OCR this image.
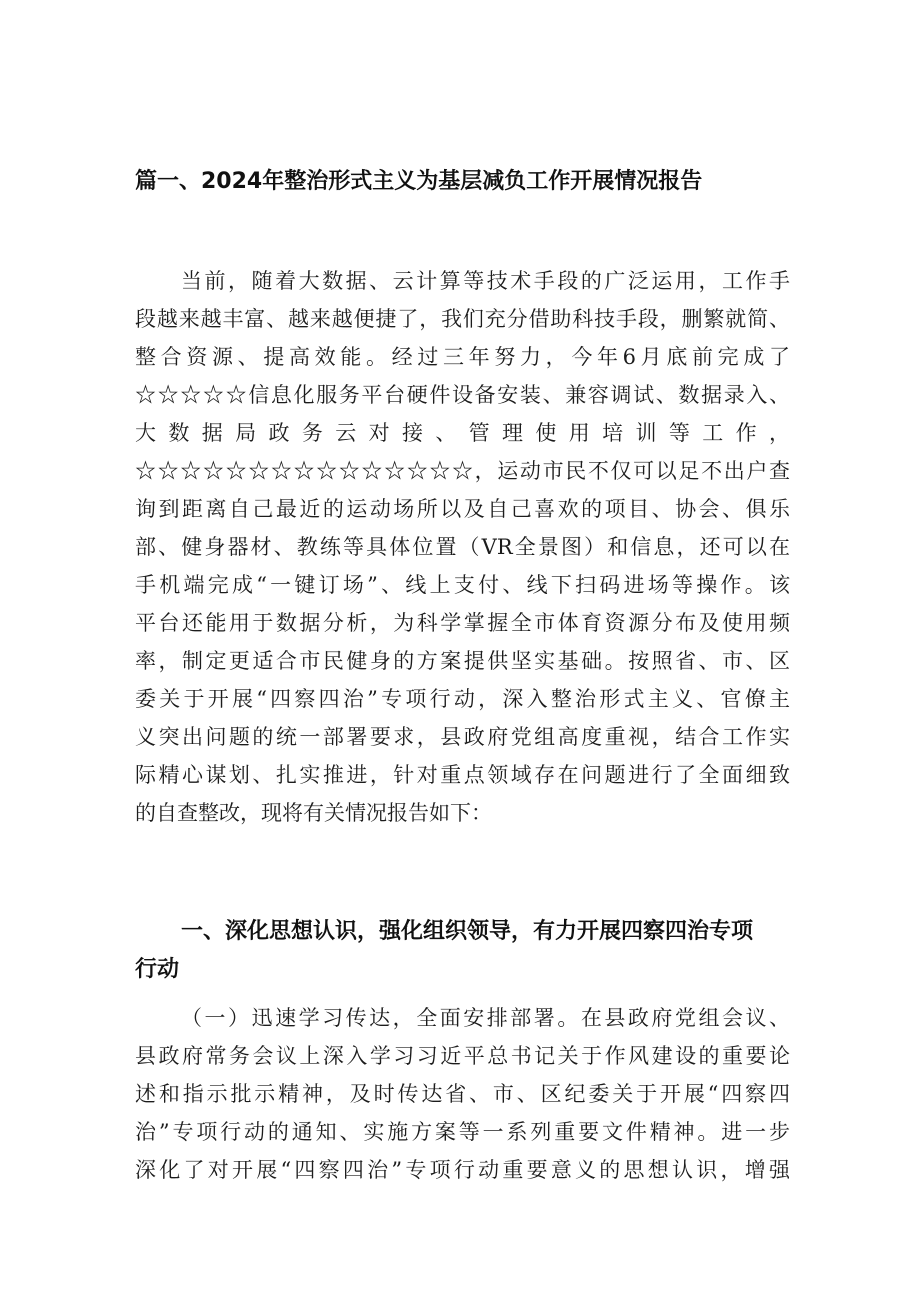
篇一、2024年整治形式主义为基层减负工作开展情况报告
当前，随着大数据、云计算等技术手段的广泛运用，工作手
段越来越丰富、越来越便捷了，我们充分借助科技手段，删繁就简、
整合资源、提高效能。经过三年努力，今年6月底前完成了
☆☆☆☆☆信息化服务平台硬件设备安装、兼容调试、数据录入、
大数据局政务云对接、管理使用培训等工作，
☆☆☆☆☆☆☆☆☆☆☆☆☆☆☆，运动市民不仅可以足不出户查
询到距离自己最近的运动场所以及自己喜欢的项目、协会、俱乐
部、健身器材、教练等具体位置（VR全景图）和信息，还可以在
手机端完成“一键订场”、线上支付、线下扫码进场等操作。该
平台还能用于数据分析，为科学掌握全市体育资源分布及使用频
率，制定更适合市民健身的方案提供坚实基础。按照省、市、区
委关于开展“四察四治”专项行动，深入整治形式主义、官僚主
义突出问题的统一部署要求，县政府党组高度重视，结合工作实
际精心谋划、扎实推进，针对重点领域存在问题进行了全面细致
的自查整改，现将有关情况报告如下：
一、深化思想认识，强化组织领导，有力开展四察四治专项
行动
（一）迅速学习传达，全面安排部署。在县政府党组会议、
县政府常务会议上深入学习习近平总书记关于作风建设的重要论
述和指示批示精神，及时传达省、市、区纪委关于开展“四察四
治”专项行动的通知、实施方案等一系列重要文件精神。进一步
深化了对开展“四察四治”专项行动重要意义的思想认识，增强
